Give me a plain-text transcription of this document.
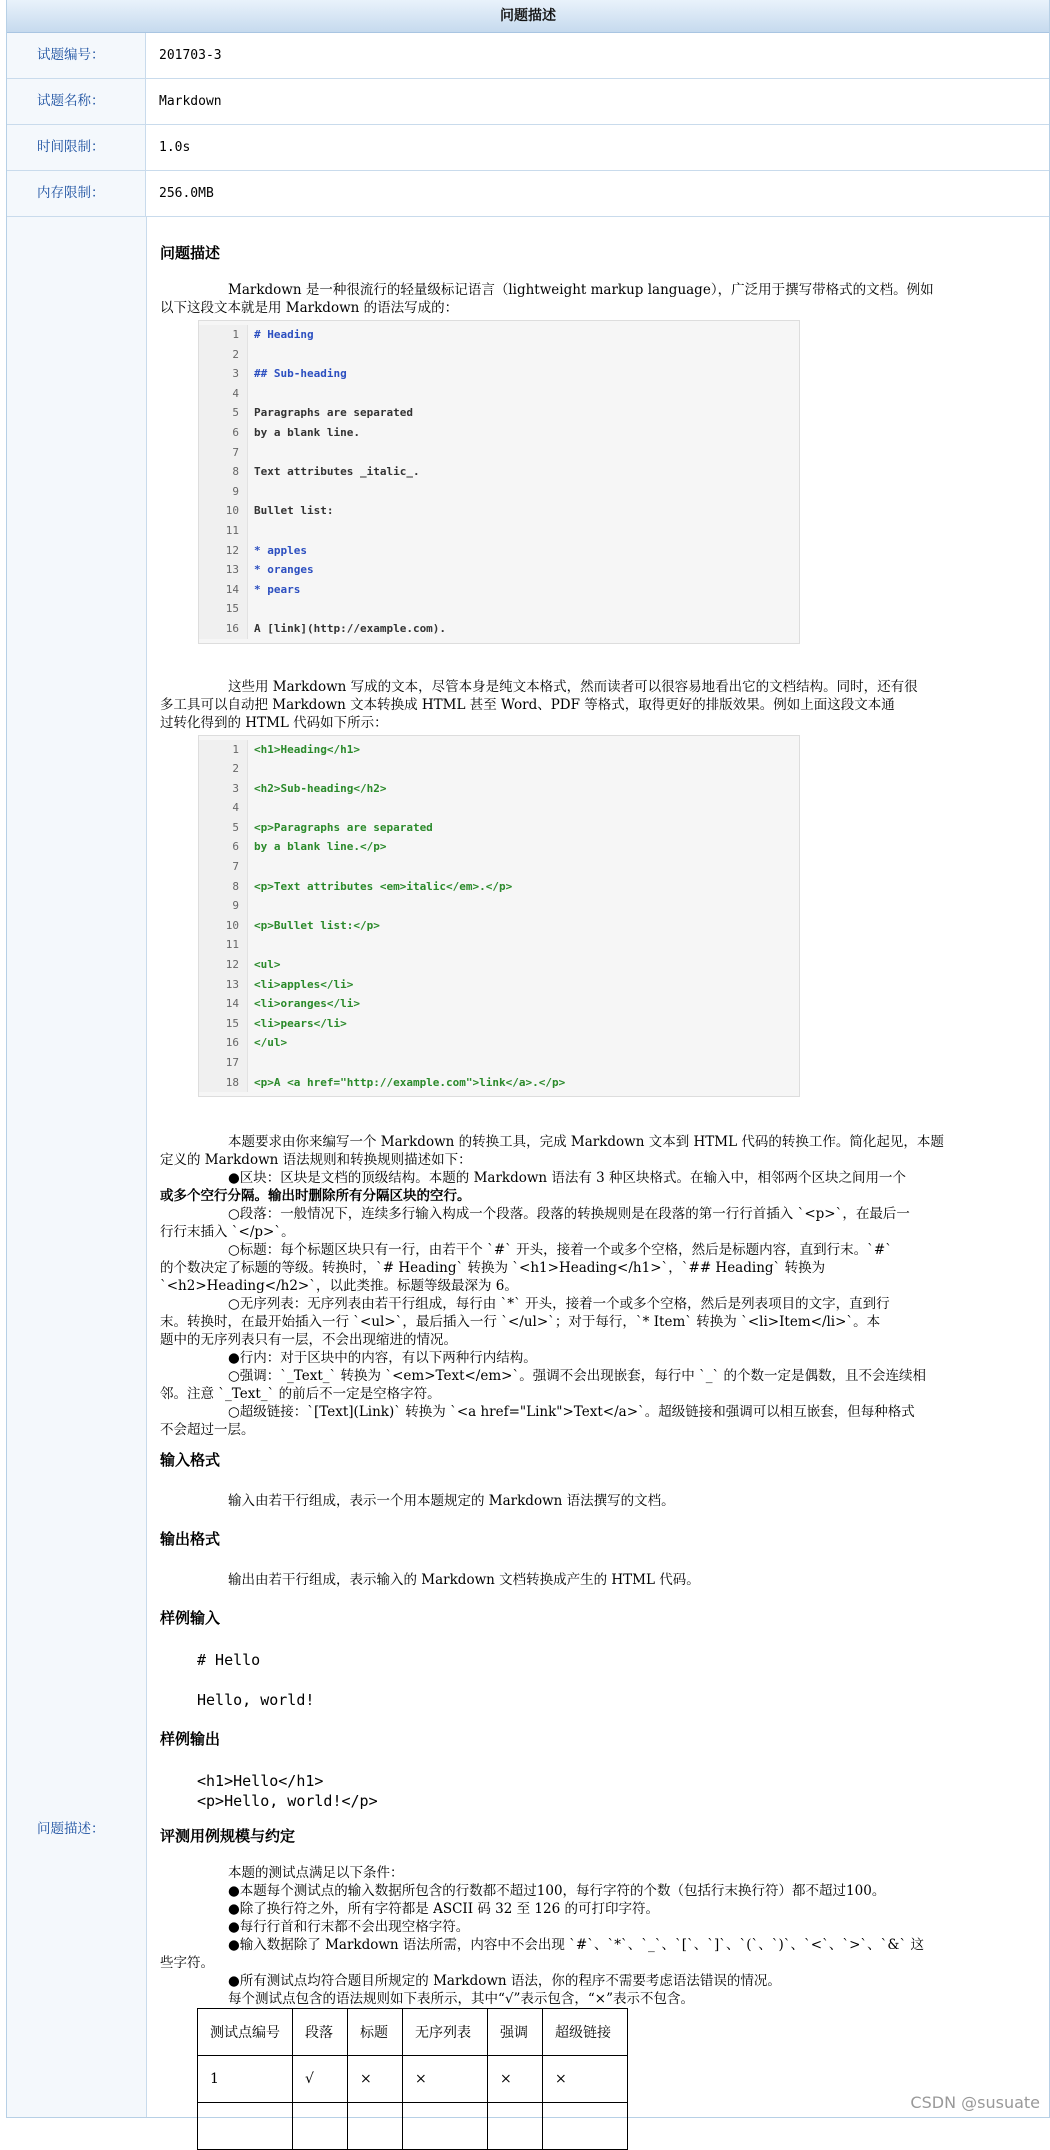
问题描述
试题编号：	201703-3
试题名称：	Markdown
时间限制：	1.0s
内存限制：	256.0MB
问题描述：
问题描述

Markdown 是一种很流行的轻量级标记语言（lightweight markup language），广泛用于撰写带格式的文档。例如

以下这段文本就是用 Markdown 的语法写成的：

1	# Heading
2
3	## Sub-heading
4
5	Paragraphs are separated
6	by a blank line.
7
8	Text attributes _italic_.
9
10	Bullet list:
11
12	* apples
13	* oranges
14	* pears
15
16	A [link](http://example.com).

这些用 Markdown 写成的文本，尽管本身是纯文本格式，然而读者可以很容易地看出它的文档结构。同时，还有很

多工具可以自动把 Markdown 文本转换成 HTML 甚至 Word、PDF 等格式，取得更好的排版效果。例如上面这段文本通

过转化得到的 HTML 代码如下所示：

1	<h1>Heading</h1>
2
3	<h2>Sub-heading</h2>
4
5	<p>Paragraphs are separated
6	by a blank line.</p>
7
8	<p>Text attributes <em>italic</em>.</p>
9
10	<p>Bullet list:</p>
11
12	<ul>
13	<li>apples</li>
14	<li>oranges</li>
15	<li>pears</li>
16	</ul>
17
18	<p>A <a href="http://example.com">link</a>.</p>

本题要求由你来编写一个 Markdown 的转换工具，完成 Markdown 文本到 HTML 代码的转换工作。简化起见，本题

定义的 Markdown 语法规则和转换规则描述如下：

●区块：区块是文档的顶级结构。本题的 Markdown 语法有 3 种区块格式。在输入中，相邻两个区块之间用一个

或多个空行分隔。输出时删除所有分隔区块的空行。

○段落：一般情况下，连续多行输入构成一个段落。段落的转换规则是在段落的第一行行首插入 `<p>`，在最后一

行行末插入 `</p>`。

○标题：每个标题区块只有一行，由若干个 `#` 开头，接着一个或多个空格，然后是标题内容，直到行末。`#`

的个数决定了标题的等级。转换时，`# Heading` 转换为 `<h1>Heading</h1>`，`## Heading` 转换为

`<h2>Heading</h2>`，以此类推。标题等级最深为 6。

○无序列表：无序列表由若干行组成，每行由 `*` 开头，接着一个或多个空格，然后是列表项目的文字，直到行

末。转换时，在最开始插入一行 `<ul>`，最后插入一行 `</ul>`；对于每行，`* Item` 转换为 `<li>Item</li>`。本

题中的无序列表只有一层，不会出现缩进的情况。

●行内：对于区块中的内容，有以下两种行内结构。

○强调：`_Text_` 转换为 `<em>Text</em>`。强调不会出现嵌套，每行中 `_` 的个数一定是偶数，且不会连续相

邻。注意 `_Text_` 的前后不一定是空格字符。

○超级链接：`[Text](Link)` 转换为 `<a href="Link">Text</a>`。超级链接和强调可以相互嵌套，但每种格式

不会超过一层。

输入格式

输入由若干行组成，表示一个用本题规定的 Markdown 语法撰写的文档。

输出格式

输出由若干行组成，表示输入的 Markdown 文档转换成产生的 HTML 代码。

样例输入
# Hello
Hello, world!
样例输出
<h1>Hello</h1>
<p>Hello, world!</p>
评测用例规模与约定

本题的测试点满足以下条件：

●本题每个测试点的输入数据所包含的行数都不超过100，每行字符的个数（包括行末换行符）都不超过100。

●除了换行符之外，所有字符都是 ASCII 码 32 至 126 的可打印字符。

●每行行首和行末都不会出现空格字符。

●输入数据除了 Markdown 语法所需，内容中不会出现 `#`、`*`、`_`、`[`、`]`、`(`、`)`、`<`、`>`、`&` 这

些字符。

●所有测试点均符合题目所规定的 Markdown 语法，你的程序不需要考虑语法错误的情况。

每个测试点包含的语法规则如下表所示，其中“√”表示包含，“×”表示不包含。

测试点编号	段落	标题	无序列表	强调	超级链接
1	√	×	×	×	×

CSDN @susuate
